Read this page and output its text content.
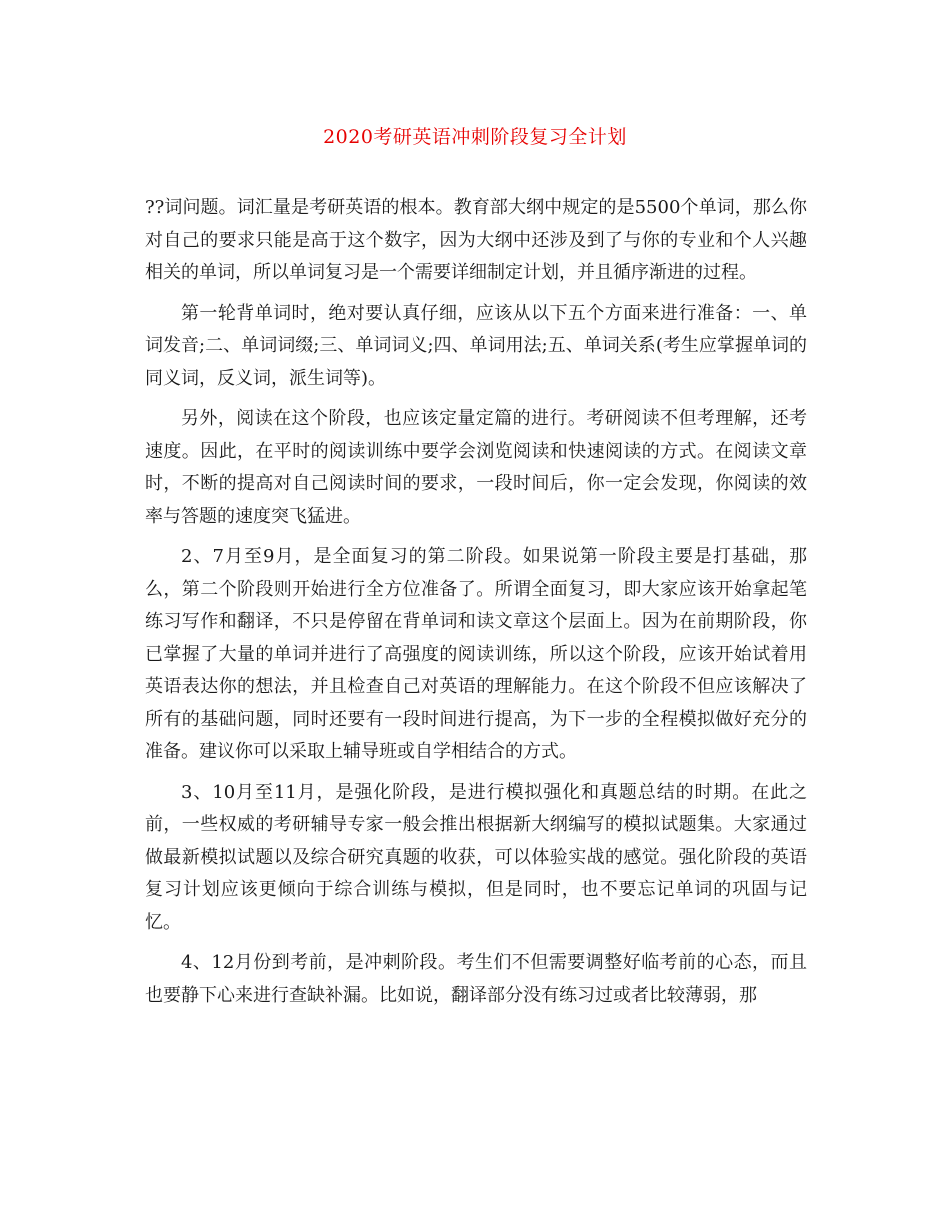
2020考研英语冲刺阶段复习全计划

??词问题。词汇量是考研英语的根本。教育部大纲中规定的是5500个单词，那么你对自己的要求只能是高于这个数字，因为大纲中还涉及到了与你的专业和个人兴趣相关的单词，所以单词复习是一个需要详细制定计划，并且循序渐进的过程。

第一轮背单词时，绝对要认真仔细，应该从以下五个方面来进行准备：一、单词发音;二、单词词缀;三、单词词义;四、单词用法;五、单词关系(考生应掌握单词的同义词，反义词，派生词等)。

另外，阅读在这个阶段，也应该定量定篇的进行。考研阅读不但考理解，还考速度。因此，在平时的阅读训练中要学会浏览阅读和快速阅读的方式。在阅读文章时，不断的提高对自己阅读时间的要求，一段时间后，你一定会发现，你阅读的效率与答题的速度突飞猛进。

2、7月至9月，是全面复习的第二阶段。如果说第一阶段主要是打基础，那么，第二个阶段则开始进行全方位准备了。所谓全面复习，即大家应该开始拿起笔练习写作和翻译，不只是停留在背单词和读文章这个层面上。因为在前期阶段，你已掌握了大量的单词并进行了高强度的阅读训练，所以这个阶段，应该开始试着用英语表达你的想法，并且检查自己对英语的理解能力。在这个阶段不但应该解决了所有的基础问题，同时还要有一段时间进行提高，为下一步的全程模拟做好充分的准备。建议你可以采取上辅导班或自学相结合的方式。

3、10月至11月，是强化阶段，是进行模拟强化和真题总结的时期。在此之前，一些权威的考研辅导专家一般会推出根据新大纲编写的模拟试题集。大家通过做最新模拟试题以及综合研究真题的收获，可以体验实战的感觉。强化阶段的英语复习计划应该更倾向于综合训练与模拟，但是同时，也不要忘记单词的巩固与记忆。

4、12月份到考前，是冲刺阶段。考生们不但需要调整好临考前的心态，而且也要静下心来进行查缺补漏。比如说，翻译部分没有练习过或者比较薄弱，那
